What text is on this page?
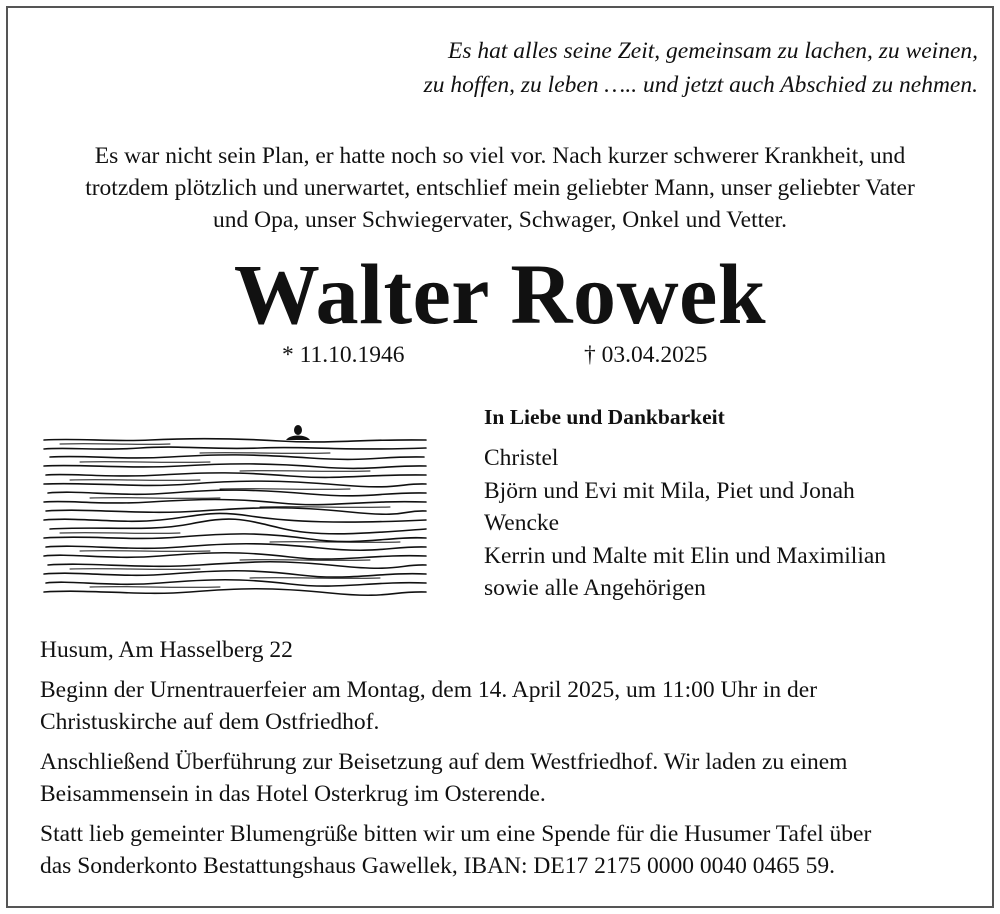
Es hat alles seine Zeit, gemeinsam zu lachen, zu weinen,
zu hoffen, zu leben ….. und jetzt auch Abschied zu nehmen.
Es war nicht sein Plan, er hatte noch so viel vor. Nach kurzer schwerer Krankheit, und
trotzdem plötzlich und unerwartet, entschlief mein geliebter Mann, unser geliebter Vater
und Opa, unser Schwiegervater, Schwager, Onkel und Vetter.
Walter Rowek
* 11.10.1946	† 03.04.2025
In Liebe und Dankbarkeit
Christel
Björn und Evi mit Mila, Piet und Jonah
Wencke
Kerrin und Malte mit Elin und Maximilian
sowie alle Angehörigen

Husum, Am Hasselberg 22

Beginn der Urnentrauerfeier am Montag, dem 14. April 2025, um 11:00 Uhr in der
Christuskirche auf dem Ostfriedhof.

Anschließend Überführung zur Beisetzung auf dem Westfriedhof. Wir laden zu einem
Beisammensein in das Hotel Osterkrug im Osterende.

Statt lieb gemeinter Blumengrüße bitten wir um eine Spende für die Husumer Tafel über
das Sonderkonto Bestattungshaus Gawellek, IBAN: DE17 2175 0000 0040 0465 59.
